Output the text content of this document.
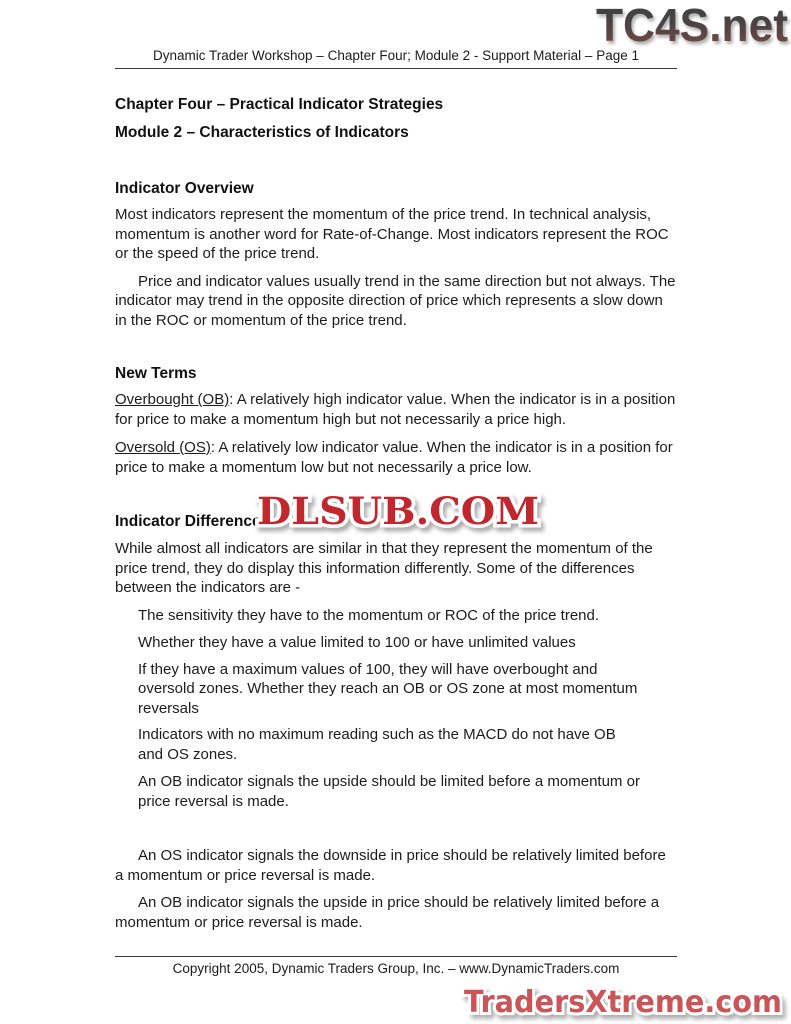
TC4S.net
DLSUB.COM
TradersXtreme.com
Dynamic Trader Workshop – Chapter Four; Module 2 - Support Material – Page 1
Chapter Four – Practical Indicator Strategies
Module 2 – Characteristics of Indicators
Indicator Overview

Most indicators represent the momentum of the price trend. In technical analysis, momentum is another word for Rate-of-Change. Most indicators represent the ROC or the speed of the price trend.

Price and indicator values usually trend in the same direction but not always. The indicator may trend in the opposite direction of price which represents a slow down in the ROC or momentum of the price trend.

New Terms

Overbought (OB): A relatively high indicator value. When the indicator is in a position for price to make a momentum high but not necessarily a price high.

Oversold (OS): A relatively low indicator value. When the indicator is in a position for price to make a momentum low but not necessarily a price low.

Indicator Differences

While almost all indicators are similar in that they represent the momentum of the price trend, they do display this information differently. Some of the differences between the indicators are -

The sensitivity they have to the momentum or ROC of the price trend.

Whether they have a value limited to 100 or have unlimited values

If they have a maximum values of 100, they will have overbought and oversold zones. Whether they reach an OB or OS zone at most momentum reversals

Indicators with no maximum reading such as the MACD do not have OB and OS zones.

An OB indicator signals the upside should be limited before a momentum or price reversal is made.

An OS indicator signals the downside in price should be relatively limited before a momentum or price reversal is made.

An OB indicator signals the upside in price should be relatively limited before a momentum or price reversal is made.

Copyright 2005, Dynamic Traders Group, Inc. – www.DynamicTraders.com
